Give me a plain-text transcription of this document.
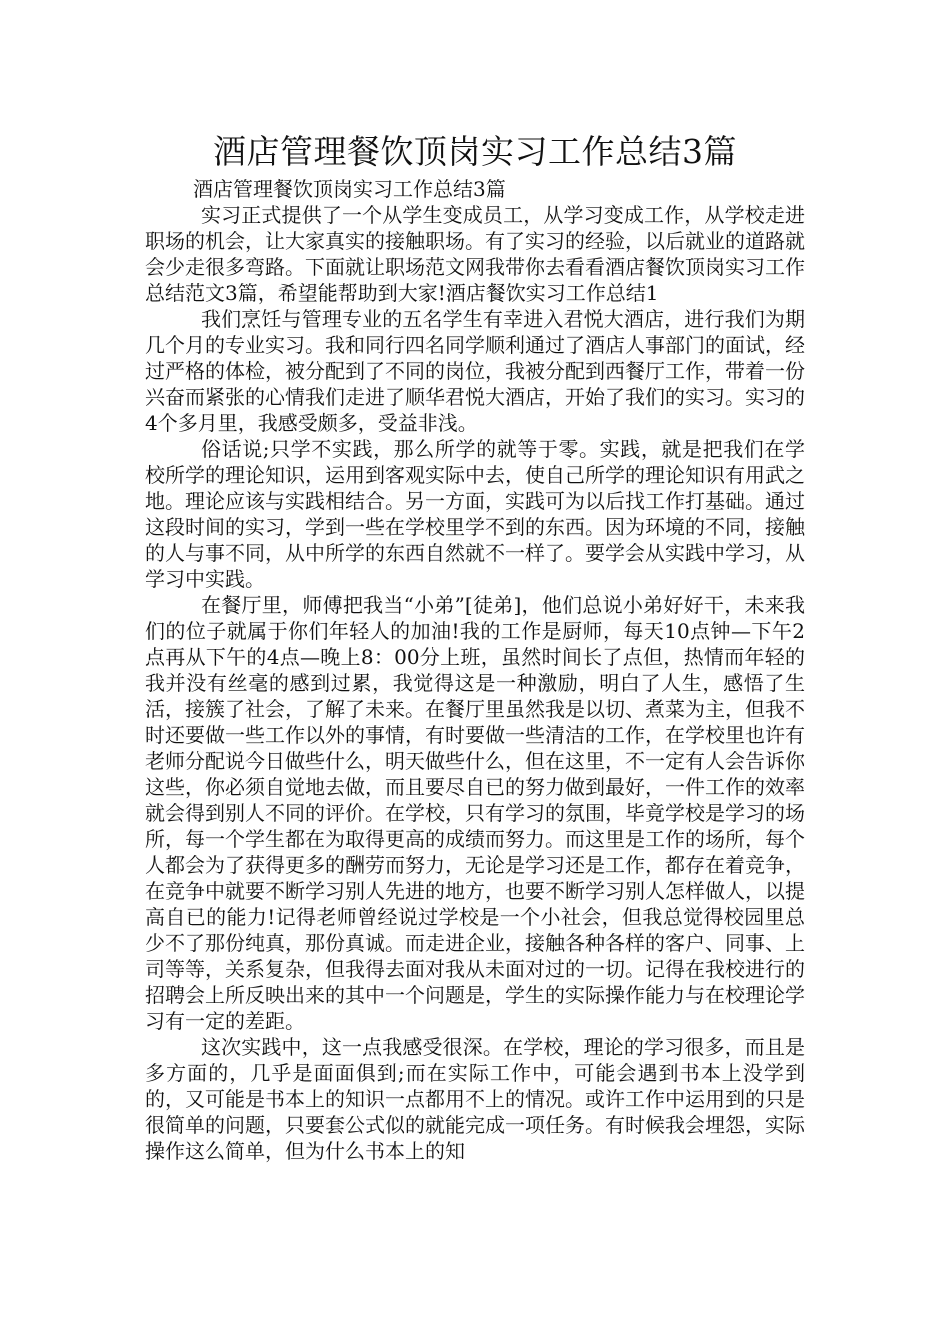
酒店管理餐饮顶岗实习工作总结3篇

酒店管理餐饮顶岗实习工作总结3篇

实习正式提供了一个从学生变成员工，从学习变成工作，从学校走进职场的机会，让大家真实的接触职场。有了实习的经验，以后就业的道路就会少走很多弯路。下面就让职场范文网我带你去看看酒店餐饮顶岗实习工作总结范文3篇，希望能帮助到大家!酒店餐饮实习工作总结1

我们烹饪与管理专业的五名学生有幸进入君悦大酒店，进行我们为期几个月的专业实习。我和同行四名同学顺利通过了酒店人事部门的面试，经过严格的体检，被分配到了不同的岗位，我被分配到西餐厅工作，带着一份兴奋而紧张的心情我们走进了顺华君悦大酒店，开始了我们的实习。实习的4个多月里，我感受颇多，受益非浅。

俗话说;只学不实践，那么所学的就等于零。实践，就是把我们在学校所学的理论知识，运用到客观实际中去，使自己所学的理论知识有用武之地。理论应该与实践相结合。另一方面，实践可为以后找工作打基础。通过这段时间的实习，学到一些在学校里学不到的东西。因为环境的不同，接触的人与事不同，从中所学的东西自然就不一样了。要学会从实践中学习，从学习中实践。

在餐厅里，师傅把我当“小弟”[徒弟]，他们总说小弟好好干，未来我们的位子就属于你们年轻人的加油!我的工作是厨师，每天10点钟—下午2点再从下午的4点—晚上8：00分上班，虽然时间长了点但，热情而年轻的我并没有丝毫的感到过累，我觉得这是一种激励，明白了人生，感悟了生活，接簇了社会，了解了未来。在餐厅里虽然我是以切、煮菜为主，但我不时还要做一些工作以外的事情，有时要做一些清洁的工作，在学校里也许有老师分配说今日做些什么，明天做些什么，但在这里，不一定有人会告诉你这些，你必须自觉地去做，而且要尽自已的努力做到最好，一件工作的效率就会得到别人不同的评价。在学校，只有学习的氛围，毕竟学校是学习的场所，每一个学生都在为取得更高的成绩而努力。而这里是工作的场所，每个人都会为了获得更多的酬劳而努力，无论是学习还是工作，都存在着竞争，在竞争中就要不断学习别人先进的地方，也要不断学习别人怎样做人，以提高自已的能力!记得老师曾经说过学校是一个小社会，但我总觉得校园里总少不了那份纯真，那份真诚。而走进企业，接触各种各样的客户、同事、上司等等，关系复杂，但我得去面对我从未面对过的一切。记得在我校进行的招聘会上所反映出来的其中一个问题是，学生的实际操作能力与在校理论学习有一定的差距。

这次实践中，这一点我感受很深。在学校，理论的学习很多，而且是多方面的，几乎是面面俱到;而在实际工作中，可能会遇到书本上没学到的，又可能是书本上的知识一点都用不上的情况。或许工作中运用到的只是很简单的问题，只要套公式似的就能完成一项任务。有时候我会埋怨，实际操作这么简单，但为什么书本上的知
